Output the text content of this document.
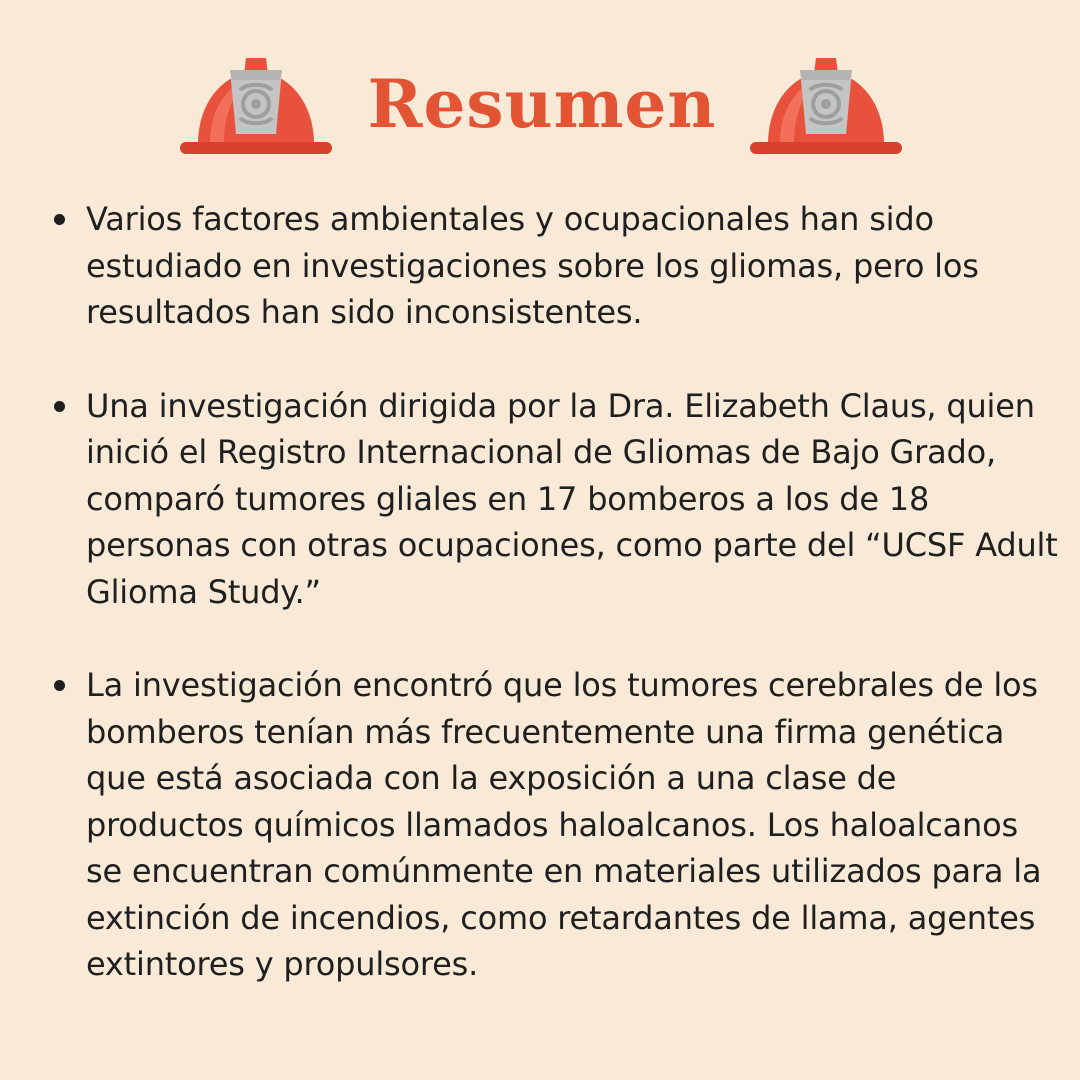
Resumen
Varios factores ambientales y ocupacionales han sido estudiado en investigaciones sobre los gliomas, pero los resultados han sido inconsistentes.
Una investigación dirigida por la Dra. Elizabeth Claus, quien inició el Registro Internacional de Gliomas de Bajo Grado, comparó tumores gliales en 17 bomberos a los de 18 personas con otras ocupaciones, como parte del “UCSF Adult Glioma Study.”
La investigación encontró que los tumores cerebrales de los bomberos tenían más frecuentemente una firma genética que está asociada con la exposición a una clase de productos químicos llamados haloalcanos. Los haloalcanos se encuentran comúnmente en materiales utilizados para la extinción de incendios, como retardantes de llama, agentes extintores y propulsores.
